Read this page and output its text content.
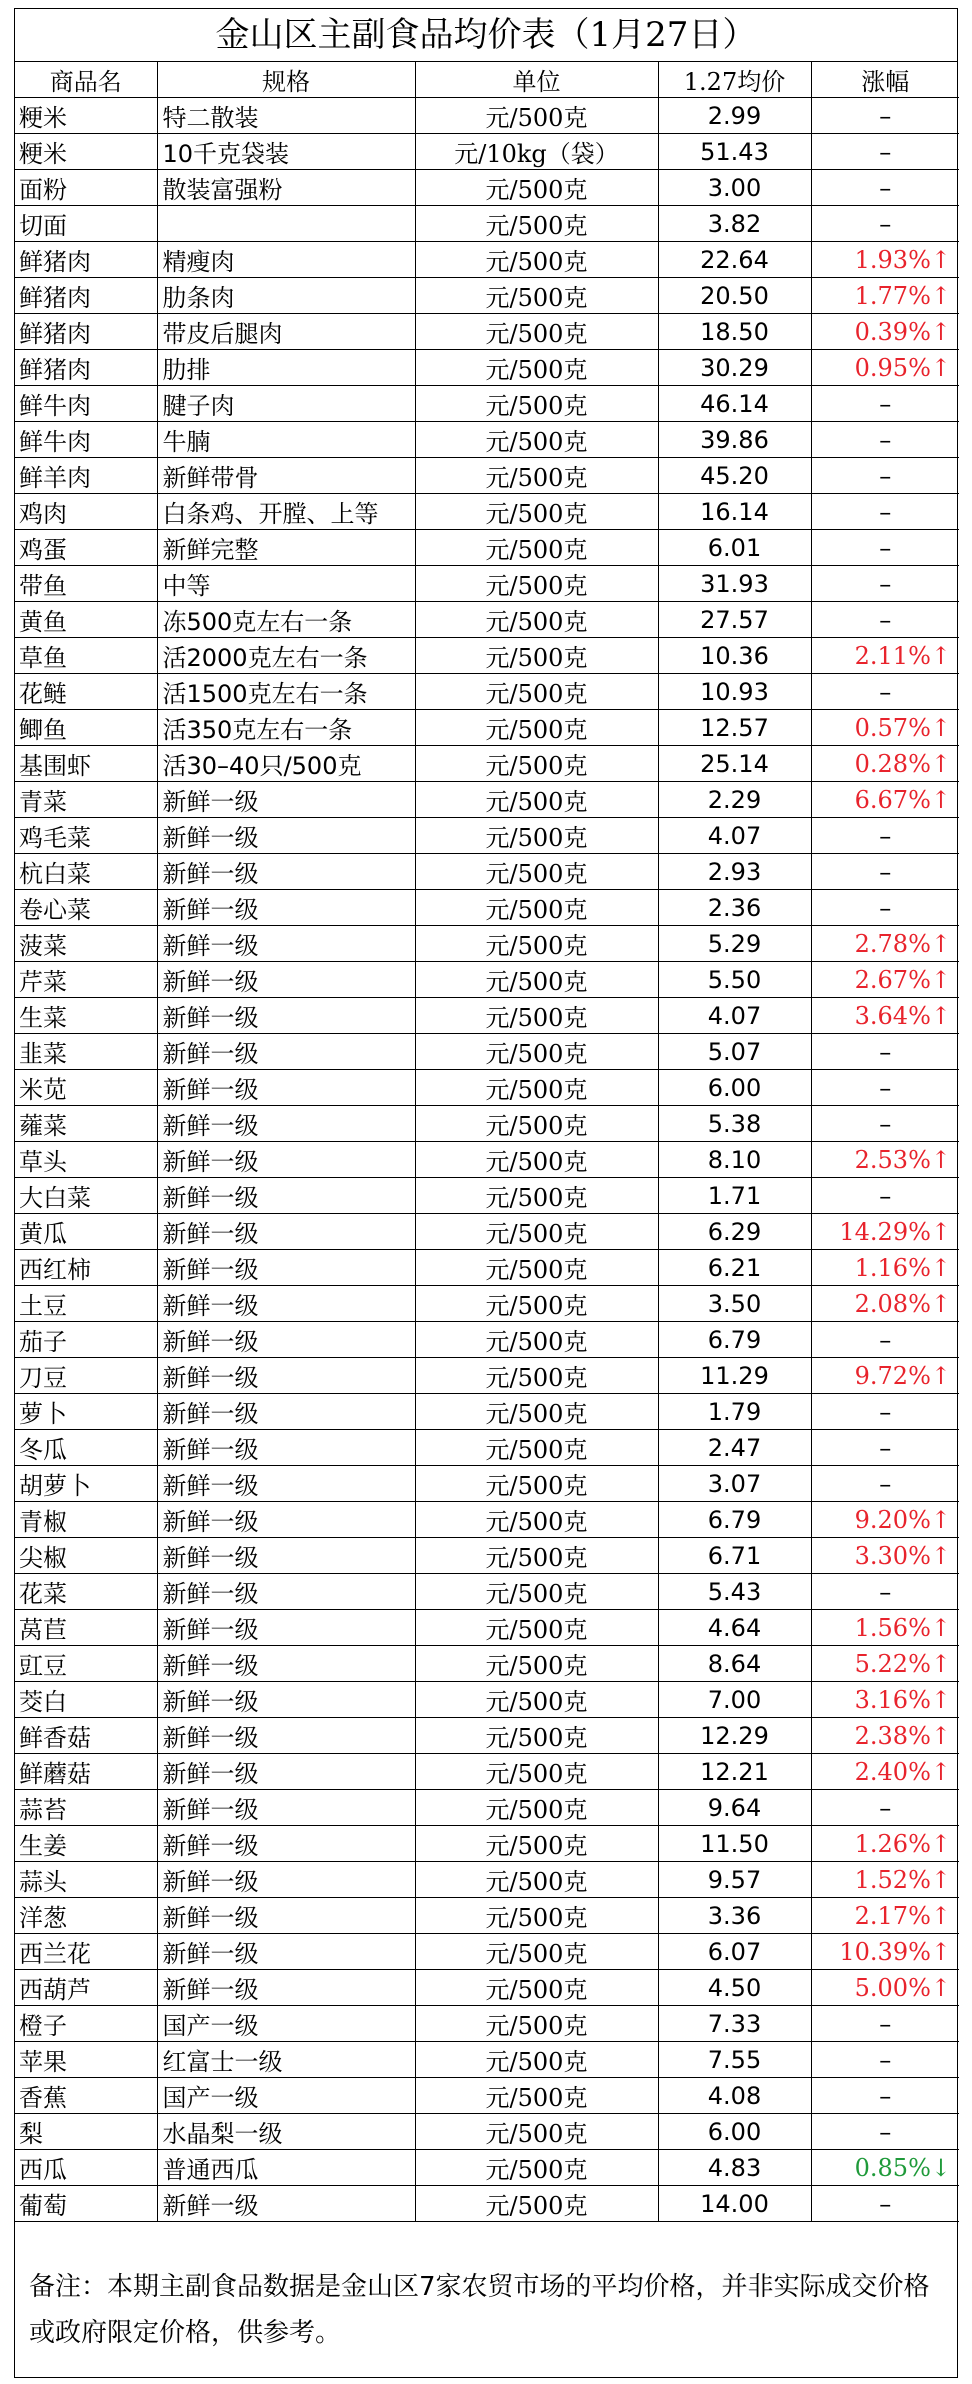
金山区主副食品均价表（1月27日）
商品名	规格	单位	1.27均价	涨幅
粳米	特二散装	元/500克	2.99	–
粳米	10千克袋装	元/10kg（袋）	51.43	–
面粉	散装富强粉	元/500克	3.00	–
切面		元/500克	3.82	–
鲜猪肉	精瘦肉	元/500克	22.64	1.93%↑
鲜猪肉	肋条肉	元/500克	20.50	1.77%↑
鲜猪肉	带皮后腿肉	元/500克	18.50	0.39%↑
鲜猪肉	肋排	元/500克	30.29	0.95%↑
鲜牛肉	腱子肉	元/500克	46.14	–
鲜牛肉	牛腩	元/500克	39.86	–
鲜羊肉	新鲜带骨	元/500克	45.20	–
鸡肉	白条鸡、开膛、上等	元/500克	16.14	–
鸡蛋	新鲜完整	元/500克	6.01	–
带鱼	中等	元/500克	31.93	–
黄鱼	冻500克左右一条	元/500克	27.57	–
草鱼	活2000克左右一条	元/500克	10.36	2.11%↑
花鲢	活1500克左右一条	元/500克	10.93	–
鲫鱼	活350克左右一条	元/500克	12.57	0.57%↑
基围虾	活30–40只/500克	元/500克	25.14	0.28%↑
青菜	新鲜一级	元/500克	2.29	6.67%↑
鸡毛菜	新鲜一级	元/500克	4.07	–
杭白菜	新鲜一级	元/500克	2.93	–
卷心菜	新鲜一级	元/500克	2.36	–
菠菜	新鲜一级	元/500克	5.29	2.78%↑
芹菜	新鲜一级	元/500克	5.50	2.67%↑
生菜	新鲜一级	元/500克	4.07	3.64%↑
韭菜	新鲜一级	元/500克	5.07	–
米苋	新鲜一级	元/500克	6.00	–
蕹菜	新鲜一级	元/500克	5.38	–
草头	新鲜一级	元/500克	8.10	2.53%↑
大白菜	新鲜一级	元/500克	1.71	–
黄瓜	新鲜一级	元/500克	6.29	14.29%↑
西红柿	新鲜一级	元/500克	6.21	1.16%↑
土豆	新鲜一级	元/500克	3.50	2.08%↑
茄子	新鲜一级	元/500克	6.79	–
刀豆	新鲜一级	元/500克	11.29	9.72%↑
萝卜	新鲜一级	元/500克	1.79	–
冬瓜	新鲜一级	元/500克	2.47	–
胡萝卜	新鲜一级	元/500克	3.07	–
青椒	新鲜一级	元/500克	6.79	9.20%↑
尖椒	新鲜一级	元/500克	6.71	3.30%↑
花菜	新鲜一级	元/500克	5.43	–
莴苣	新鲜一级	元/500克	4.64	1.56%↑
豇豆	新鲜一级	元/500克	8.64	5.22%↑
茭白	新鲜一级	元/500克	7.00	3.16%↑
鲜香菇	新鲜一级	元/500克	12.29	2.38%↑
鲜蘑菇	新鲜一级	元/500克	12.21	2.40%↑
蒜苔	新鲜一级	元/500克	9.64	–
生姜	新鲜一级	元/500克	11.50	1.26%↑
蒜头	新鲜一级	元/500克	9.57	1.52%↑
洋葱	新鲜一级	元/500克	3.36	2.17%↑
西兰花	新鲜一级	元/500克	6.07	10.39%↑
西葫芦	新鲜一级	元/500克	4.50	5.00%↑
橙子	国产一级	元/500克	7.33	–
苹果	红富士一级	元/500克	7.55	–
香蕉	国产一级	元/500克	4.08	–
梨	水晶梨一级	元/500克	6.00	–
西瓜	普通西瓜	元/500克	4.83	0.85%↓
葡萄	新鲜一级	元/500克	14.00	–
备注：本期主副食品数据是金山区7家农贸市场的平均价格，并非实际成交价格或政府限定价格，供参考。
